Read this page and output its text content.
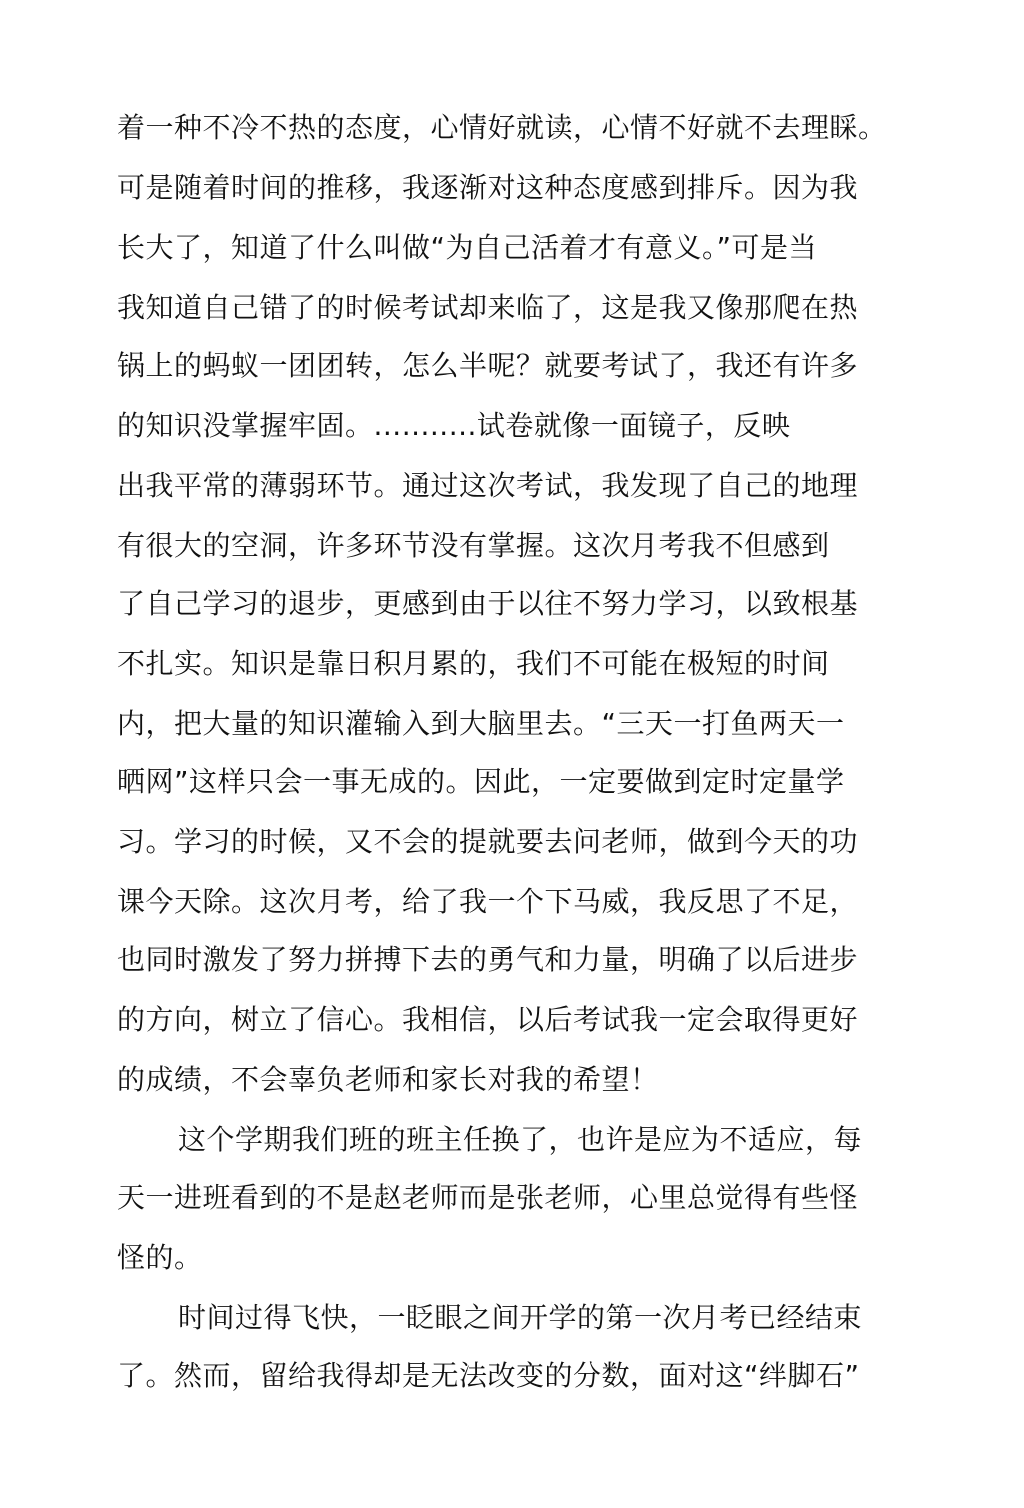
着一种不冷不热的态度，心情好就读，心情不好就不去理睬。
可是随着时间的推移，我逐渐对这种态度感到排斥。因为我
长大了，知道了什么叫做“为自己活着才有意义。”可是当
我知道自己错了的时候考试却来临了，这是我又像那爬在热
锅上的蚂蚁一团团转，怎么半呢？就要考试了，我还有许多
的知识没掌握牢固。...........试卷就像一面镜子，反映
出我平常的薄弱环节。通过这次考试，我发现了自己的地理
有很大的空洞，许多环节没有掌握。这次月考我不但感到
了自己学习的退步，更感到由于以往不努力学习，以致根基
不扎实。知识是靠日积月累的，我们不可能在极短的时间
内，把大量的知识灌输入到大脑里去。“三天一打鱼两天一
晒网”这样只会一事无成的。因此，一定要做到定时定量学
习。学习的时候，又不会的提就要去问老师，做到今天的功
课今天除。这次月考，给了我一个下马威，我反思了不足，
也同时激发了努力拼搏下去的勇气和力量，明确了以后进步
的方向，树立了信心。我相信，以后考试我一定会取得更好
的成绩，不会辜负老师和家长对我的希望！
这个学期我们班的班主任换了，也许是应为不适应，每
天一进班看到的不是赵老师而是张老师，心里总觉得有些怪
怪的。
时间过得飞快，一眨眼之间开学的第一次月考已经结束
了。然而，留给我得却是无法改变的分数，面对这“绊脚石”
